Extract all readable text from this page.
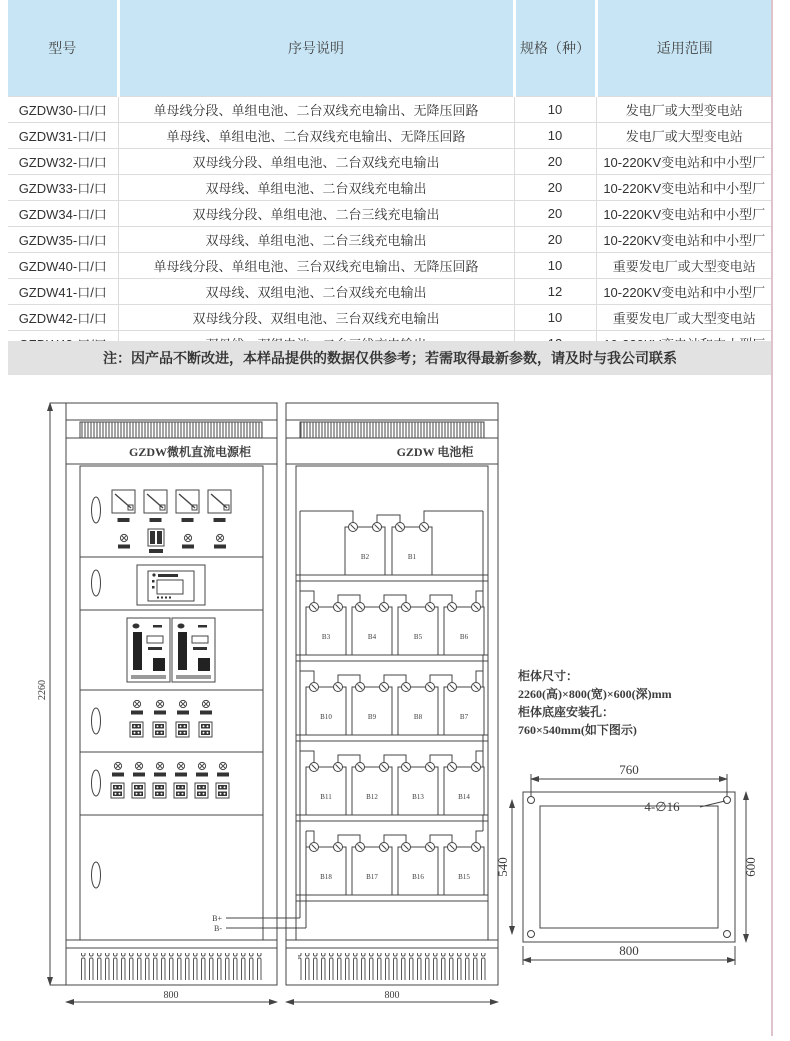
型号	序号说明	规格（种）	适用范围
GZDW30-口/口	单母线分段、单组电池、二台双线充电输出、无降压回路	10	发电厂或大型变电站
GZDW31-口/口	单母线、单组电池、二台双线充电输出、无降压回路	10	发电厂或大型变电站
GZDW32-口/口	双母线分段、单组电池、二台双线充电输出	20	10-220KV变电站和中小型厂
GZDW33-口/口	双母线、单组电池、二台双线充电输出	20	10-220KV变电站和中小型厂
GZDW34-口/口	双母线分段、单组电池、二台三线充电输出	20	10-220KV变电站和中小型厂
GZDW35-口/口	双母线、单组电池、二台三线充电输出	20	10-220KV变电站和中小型厂
GZDW40-口/口	单母线分段、单组电池、三台双线充电输出、无降压回路	10	重要发电厂或大型变电站
GZDW41-口/口	双母线、双组电池、二台双线充电输出	12	10-220KV变电站和中小型厂
GZDW42-口/口	双母线分段、双组电池、三台双线充电输出	10	重要发电厂或大型变电站

注：因产品不断改进，本样品提供的数据仅供参考；若需取得最新参数，请及时与我公司联系
GZDW微机直流电源柜
B+
B-
GZDW 电池柜
B2	B1
B3	B4	B5	B6
B10	B9	B8	B7
B11	B12	B13	B14
B18	B17	B16	B15
2260
800	800
柜体尺寸：
2260(高)×800(宽)×600(深)mm
柜体底座安装孔：
760×540mm(如下图示)
4-∅16
760
800
540	600
